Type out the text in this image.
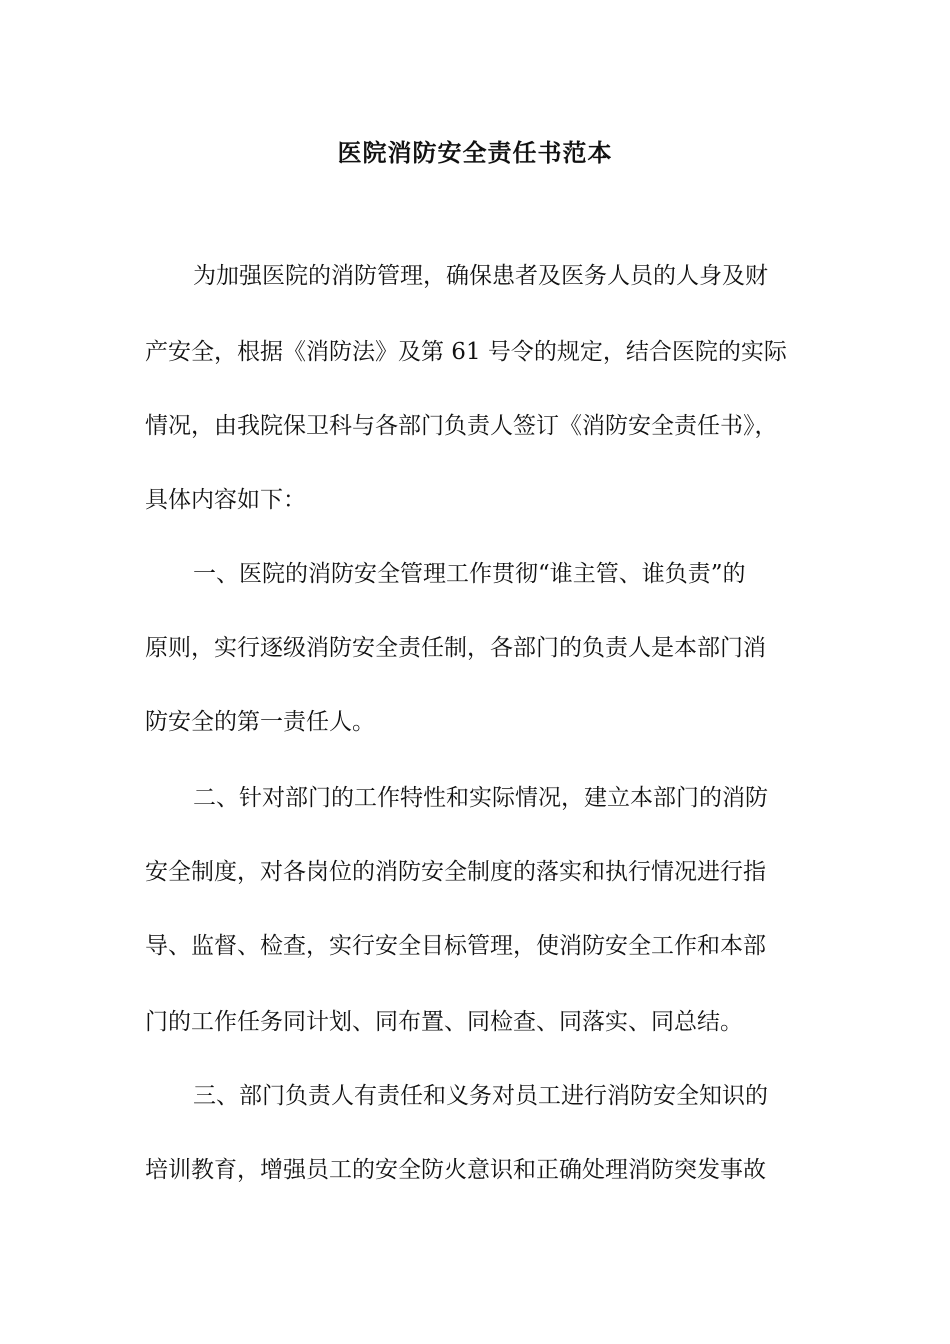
医院消防安全责任书范本
为加强医院的消防管理，确保患者及医务人员的人身及财
产安全，根据《消防法》及第 61 号令的规定，结合医院的实际
情况，由我院保卫科与各部门负责人签订《消防安全责任书》，
具体内容如下：
一、医院的消防安全管理工作贯彻“谁主管、谁负责”的
原则，实行逐级消防安全责任制，各部门的负责人是本部门消
防安全的第一责任人。
二、针对部门的工作特性和实际情况，建立本部门的消防
安全制度，对各岗位的消防安全制度的落实和执行情况进行指
导、监督、检查，实行安全目标管理，使消防安全工作和本部
门的工作任务同计划、同布置、同检查、同落实、同总结。
三、部门负责人有责任和义务对员工进行消防安全知识的
培训教育，增强员工的安全防火意识和正确处理消防突发事故
